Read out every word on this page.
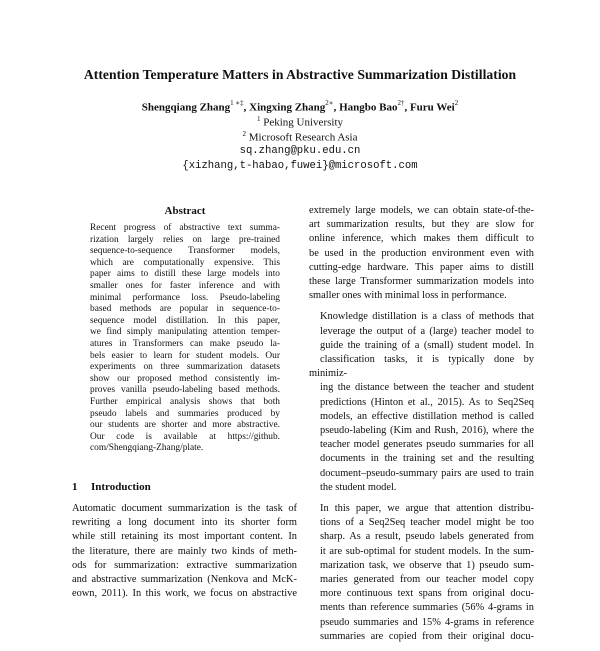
Attention Temperature Matters in Abstractive Summarization Distillation
Shengqiang Zhang$^{1 ∗\ddagger}$, Xingxing Zhang$^{2∗}$, Hangbo Bao$^{2\dagger}$, Furu Wei$^2$
$^1$ Peking University
$^2$ Microsoft Research Asia
sq.zhang@pku.edu.cn
{xizhang,t-habao,fuwei}@microsoft.com
Abstract
Recent progress of abstractive text summa-
rization largely relies on large pre-trained
sequence-to-sequence Transformer models,
which are computationally expensive. This
paper aims to distill these large models into
smaller ones for faster inference and with
minimal performance loss. Pseudo-labeling
based methods are popular in sequence-to-
sequence model distillation. In this paper,
we find simply manipulating attention temper-
atures in Transformers can make pseudo la-
bels easier to learn for student models. Our
experiments on three summarization datasets
show our proposed method consistently im-
proves vanilla pseudo-labeling based methods.
Further empirical analysis shows that both
pseudo labels and summaries produced by
our students are shorter and more abstractive.
Our code is available at https://github.
com/Shengqiang-Zhang/plate.
1 Introduction
Automatic document summarization is the task of
rewriting a long document into its shorter form
while still retaining its most important content. In
the literature, there are mainly two kinds of meth-
ods for summarization: extractive summarization
and abstractive summarization (Nenkova and McK-
eown, 2011). In this work, we focus on abstractive

extremely large models, we can obtain state-of-the-
art summarization results, but they are slow for
online inference, which makes them difficult to
be used in the production environment even with
cutting-edge hardware. This paper aims to distill
these large Transformer summarization models into
smaller ones with minimal loss in performance.

Knowledge distillation is a class of methods that
leverage the output of a (large) teacher model to
guide the training of a (small) student model. In
classification tasks, it is typically done by minimiz-
ing the distance between the teacher and student
predictions (Hinton et al., 2015). As to Seq2Seq
models, an effective distillation method is called
pseudo-labeling (Kim and Rush, 2016), where the
teacher model generates pseudo summaries for all
documents in the training set and the resulting
document–pseudo-summary pairs are used to train
the student model.

In this paper, we argue that attention distribu-
tions of a Seq2Seq teacher model might be too
sharp. As a result, pseudo labels generated from
it are sub-optimal for student models. In the sum-
marization task, we observe that 1) pseudo sum-
maries generated from our teacher model copy
more continuous text spans from original docu-
ments than reference summaries (56% 4-grams in
pseudo summaries and 15% 4-grams in reference
summaries are copied from their original docu-
